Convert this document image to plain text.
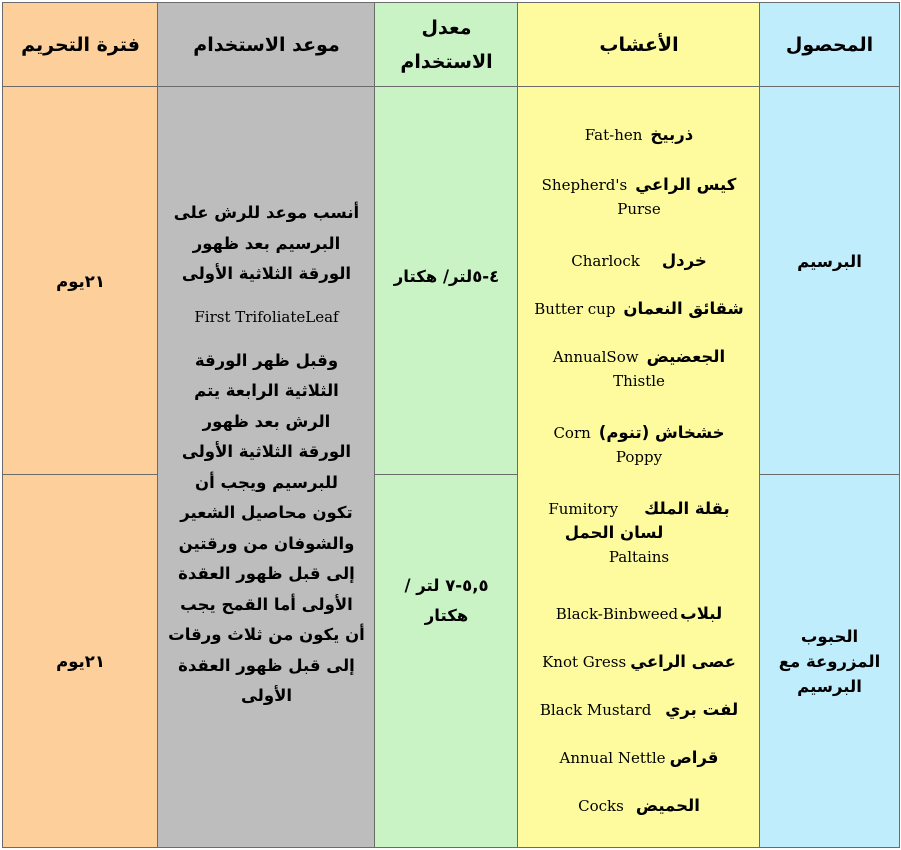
فترة التحريم	موعد الاستخدام
معدل
الاستخدام
الأعشاب	المحصول
٢١يوم
٢١يوم
أنسب موعد للرش على
البرسيم بعد ظهور
الورقة الثلاثية الأولى
First TrifoliateLeaf
وقبل ظهر الورقة
الثلاثية الرابعة يتم
الرش بعد ظهور
الورقة الثلاثية الأولى
للبرسيم ويجب أن
تكون محاصيل الشعير
والشوفان من ورقتين
إلى قبل ظهور العقدة
الأولى أما القمح يجب
أن يكون من ثلاث ورقات
إلى قبل ظهور العقدة
الأولى
٤-٥لتر/ هكتار
٥,٥-٧ لتر /
هكتار
ذربيخ
Fat-hen
كيس الراعي
Shepherd's

Purse
خردل
Charlock
شقائق النعمان
Butter cup
الجعضيض
AnnualSow

Thistle
خشخاش (تنوم)
Corn

Poppy
بقلة الملك
Fumitory

لسان الحمل
Paltains
لبلاب
Black-Binbweed
عصى الراعي
Knot Gress
لفت بري
Black Mustard
قراص
Annual Nettle
الحميض
Cocks
البرسيم
الحبوب
المزروعة مع
البرسيم
